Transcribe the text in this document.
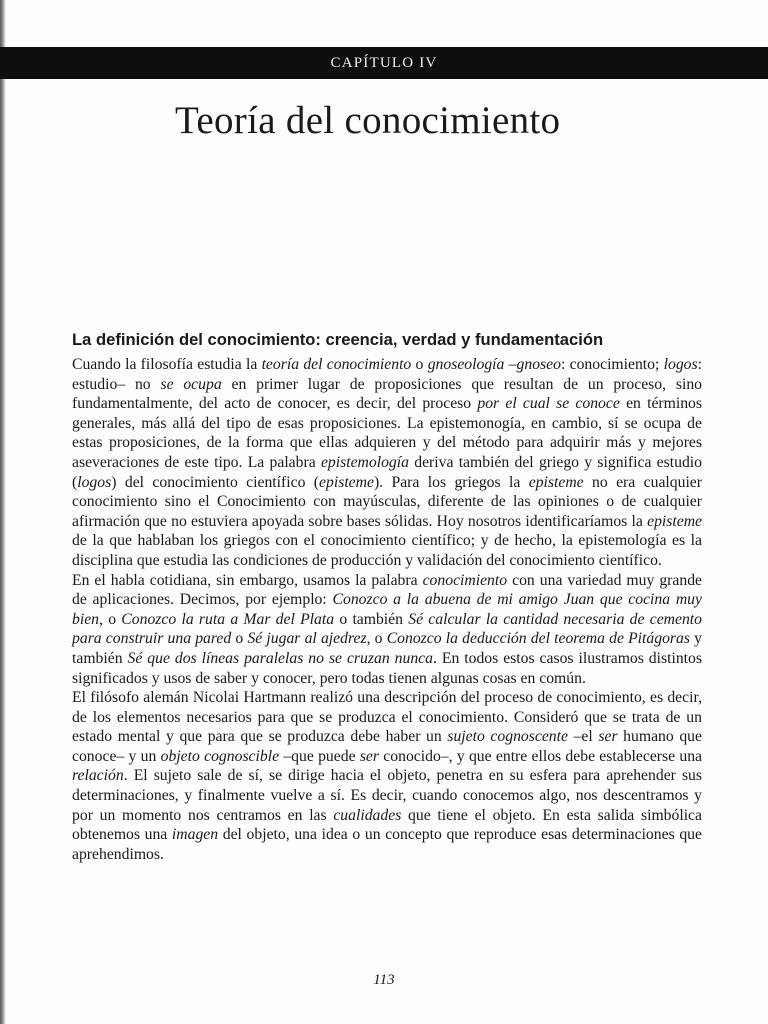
CAPÍTULO IV
Teoría del conocimiento
La definición del conocimiento: creencia, verdad y fundamentación

Cuando la filosofía estudia la teoría del conocimiento o gnoseología –gnoseo: conocimiento; logos: estudio– no se ocupa en primer lugar de proposiciones que resultan de un proceso, sino fundamentalmente, del acto de conocer, es decir, del proceso por el cual se conoce en términos generales, más allá del tipo de esas proposiciones. La epistemonogía, en cambio, sí se ocupa de estas proposiciones, de la forma que ellas adquieren y del método para adquirir más y mejores aseveraciones de este tipo. La palabra epistemología deriva también del griego y significa estudio (logos) del conocimiento científico (episteme). Para los griegos la episteme no era cualquier conocimiento sino el Conocimiento con mayúsculas, diferente de las opiniones o de cualquier afirmación que no estuviera apoyada sobre bases sólidas. Hoy nosotros identificaríamos la episteme de la que hablaban los griegos con el conocimiento científico; y de hecho, la epistemología es la disciplina que estudia las condiciones de producción y validación del conocimiento científico.

En el habla cotidiana, sin embargo, usamos la palabra conocimiento con una variedad muy grande de aplicaciones. Decimos, por ejemplo: Conozco a la abuena de mi amigo Juan que cocina muy bien, o Conozco la ruta a Mar del Plata o también Sé calcular la cantidad necesaria de cemento para construir una pared o Sé jugar al ajedrez, o Conozco la deducción del teorema de Pitágoras y también Sé que dos líneas paralelas no se cruzan nunca. En todos estos casos ilustramos distintos significados y usos de saber y conocer, pero todas tienen algunas cosas en común.

El filósofo alemán Nicolai Hartmann realizó una descripción del proceso de conocimiento, es decir, de los elementos necesarios para que se produzca el conocimiento. Consideró que se trata de un estado mental y que para que se produzca debe haber un sujeto cognoscente –el ser humano que conoce– y un objeto cognoscible –que puede ser conocido–, y que entre ellos debe establecerse una relación. El sujeto sale de sí, se dirige hacia el objeto, penetra en su esfera para aprehender sus determinaciones, y finalmente vuelve a sí. Es decir, cuando conocemos algo, nos descentramos y por un momento nos centramos en las cualidades que tiene el objeto. En esta salida simbólica obtenemos una imagen del objeto, una idea o un concepto que reproduce esas determinaciones que aprehendimos.

113
